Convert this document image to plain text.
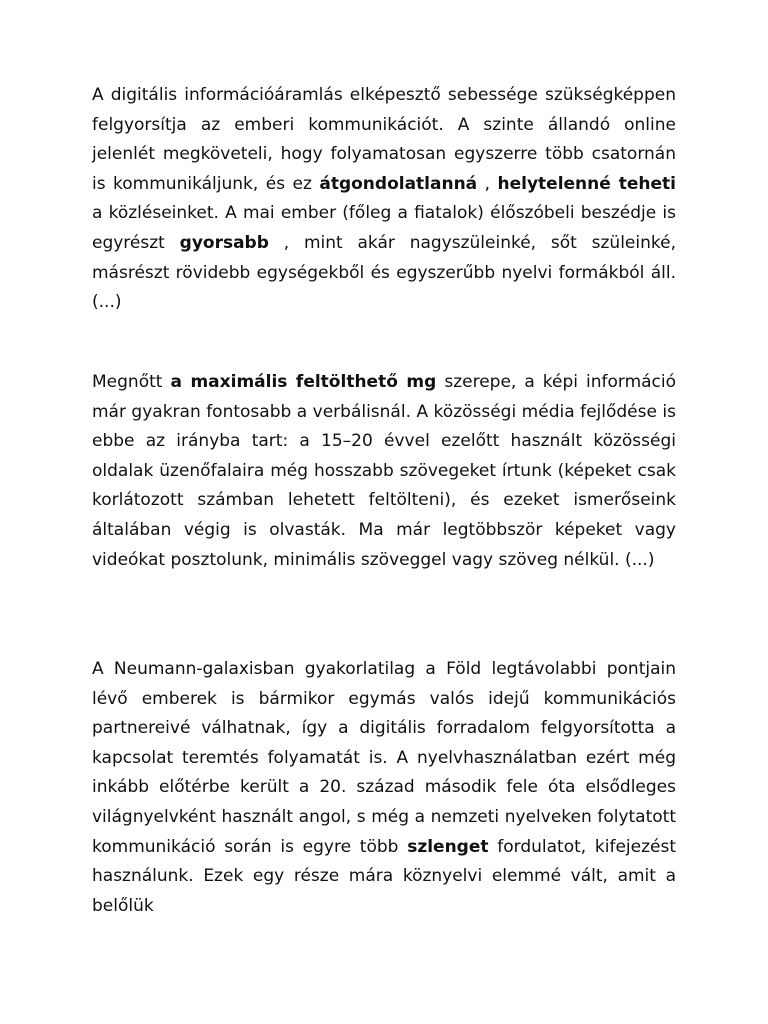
A digitális információáramlás elképesztő sebessége szükségképpen felgyorsítja az emberi kommunikációt. A szinte állandó online jelenlét megköveteli, hogy folyamatosan egyszerre több csatornán is kommunikáljunk, és ez átgondolatlanná , helytelenné teheti a közléseinket. A mai ember (főleg a fiatalok) élőszóbeli beszédje is egyrészt gyorsabb , mint akár nagyszüleinké, sőt szüleinké, másrészt rövidebb egységekből és egyszerűbb nyelvi formákból áll. (...)

Megnőtt a maximális feltölthető mg szerepe, a képi információ már gyakran fontosabb a verbálisnál. A közösségi média fejlődése is ebbe az irányba tart: a 15–20 évvel ezelőtt használt közösségi oldalak üzenőfalaira még hosszabb szövegeket írtunk (képeket csak korlátozott számban lehetett feltölteni), és ezeket ismerőseink általában végig is olvasták. Ma már legtöbbször képeket vagy videókat posztolunk, minimális szöveggel vagy szöveg nélkül. (...)

A Neumann-galaxisban gyakorlatilag a Föld legtávolabbi pontjain lévő emberek is bármikor egymás valós idejű kommunikációs partnereivé válhatnak, így a digitális forradalom felgyorsította a kapcsolat teremtés folyamatát is. A nyelvhasználatban ezért még inkább előtérbe került a 20. század második fele óta elsődleges világnyelvként használt angol, s még a nemzeti nyelveken folytatott kommunikáció során is egyre több szlenget fordulatot, kifejezést használunk. Ezek egy része mára köznyelvi elemmé vált, amit a belőlük
